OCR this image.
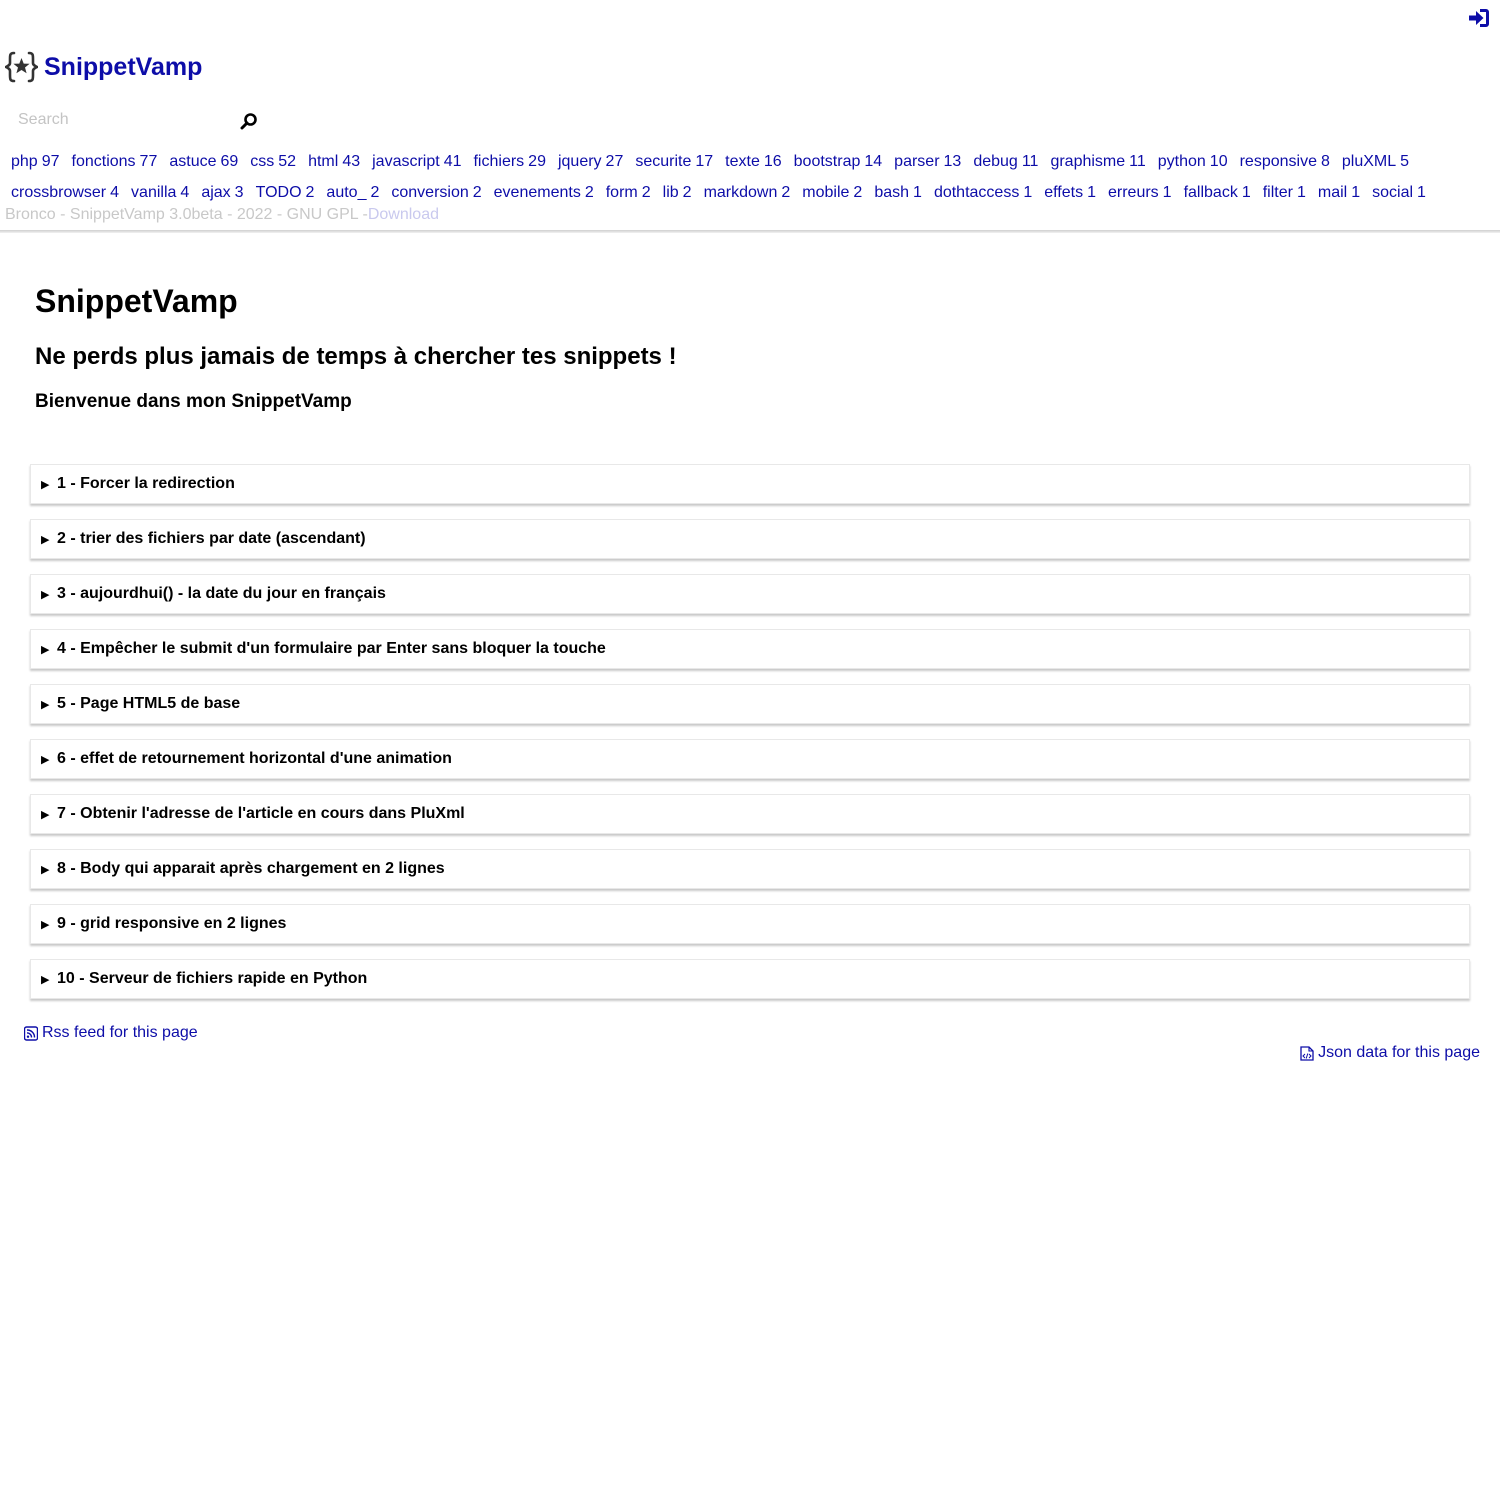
SnippetVamp
Search
php 97 fonctions 77 astuce 69 css 52 html 43 javascript 41 fichiers 29 jquery 27 securite 17 texte 16 bootstrap 14 parser 13 debug 11 graphisme 11 python 10 responsive 8 pluXML 5
crossbrowser 4 vanilla 4 ajax 3 TODO 2 auto_ 2 conversion 2 evenements 2 form 2 lib 2 markdown 2 mobile 2 bash 1 dothtaccess 1 effets 1 erreurs 1 fallback 1 filter 1 mail 1 social 1
Bronco - SnippetVamp 3.0beta - 2022 - GNU GPL -Download
SnippetVamp
Ne perds plus jamais de temps à chercher tes snippets !
Bienvenue dans mon SnippetVamp
▶ 1 - Forcer la redirection
▶ 2 - trier des fichiers par date (ascendant)
▶ 3 - aujourdhui() - la date du jour en français
▶ 4 - Empêcher le submit d'un formulaire par Enter sans bloquer la touche
▶ 5 - Page HTML5 de base
▶ 6 - effet de retournement horizontal d'une animation
▶ 7 - Obtenir l'adresse de l'article en cours dans PluXml
▶ 8 - Body qui apparait après chargement en 2 lignes
▶ 9 - grid responsive en 2 lignes
▶ 10 - Serveur de fichiers rapide en Python
Rss feed for this page
Json data for this page
